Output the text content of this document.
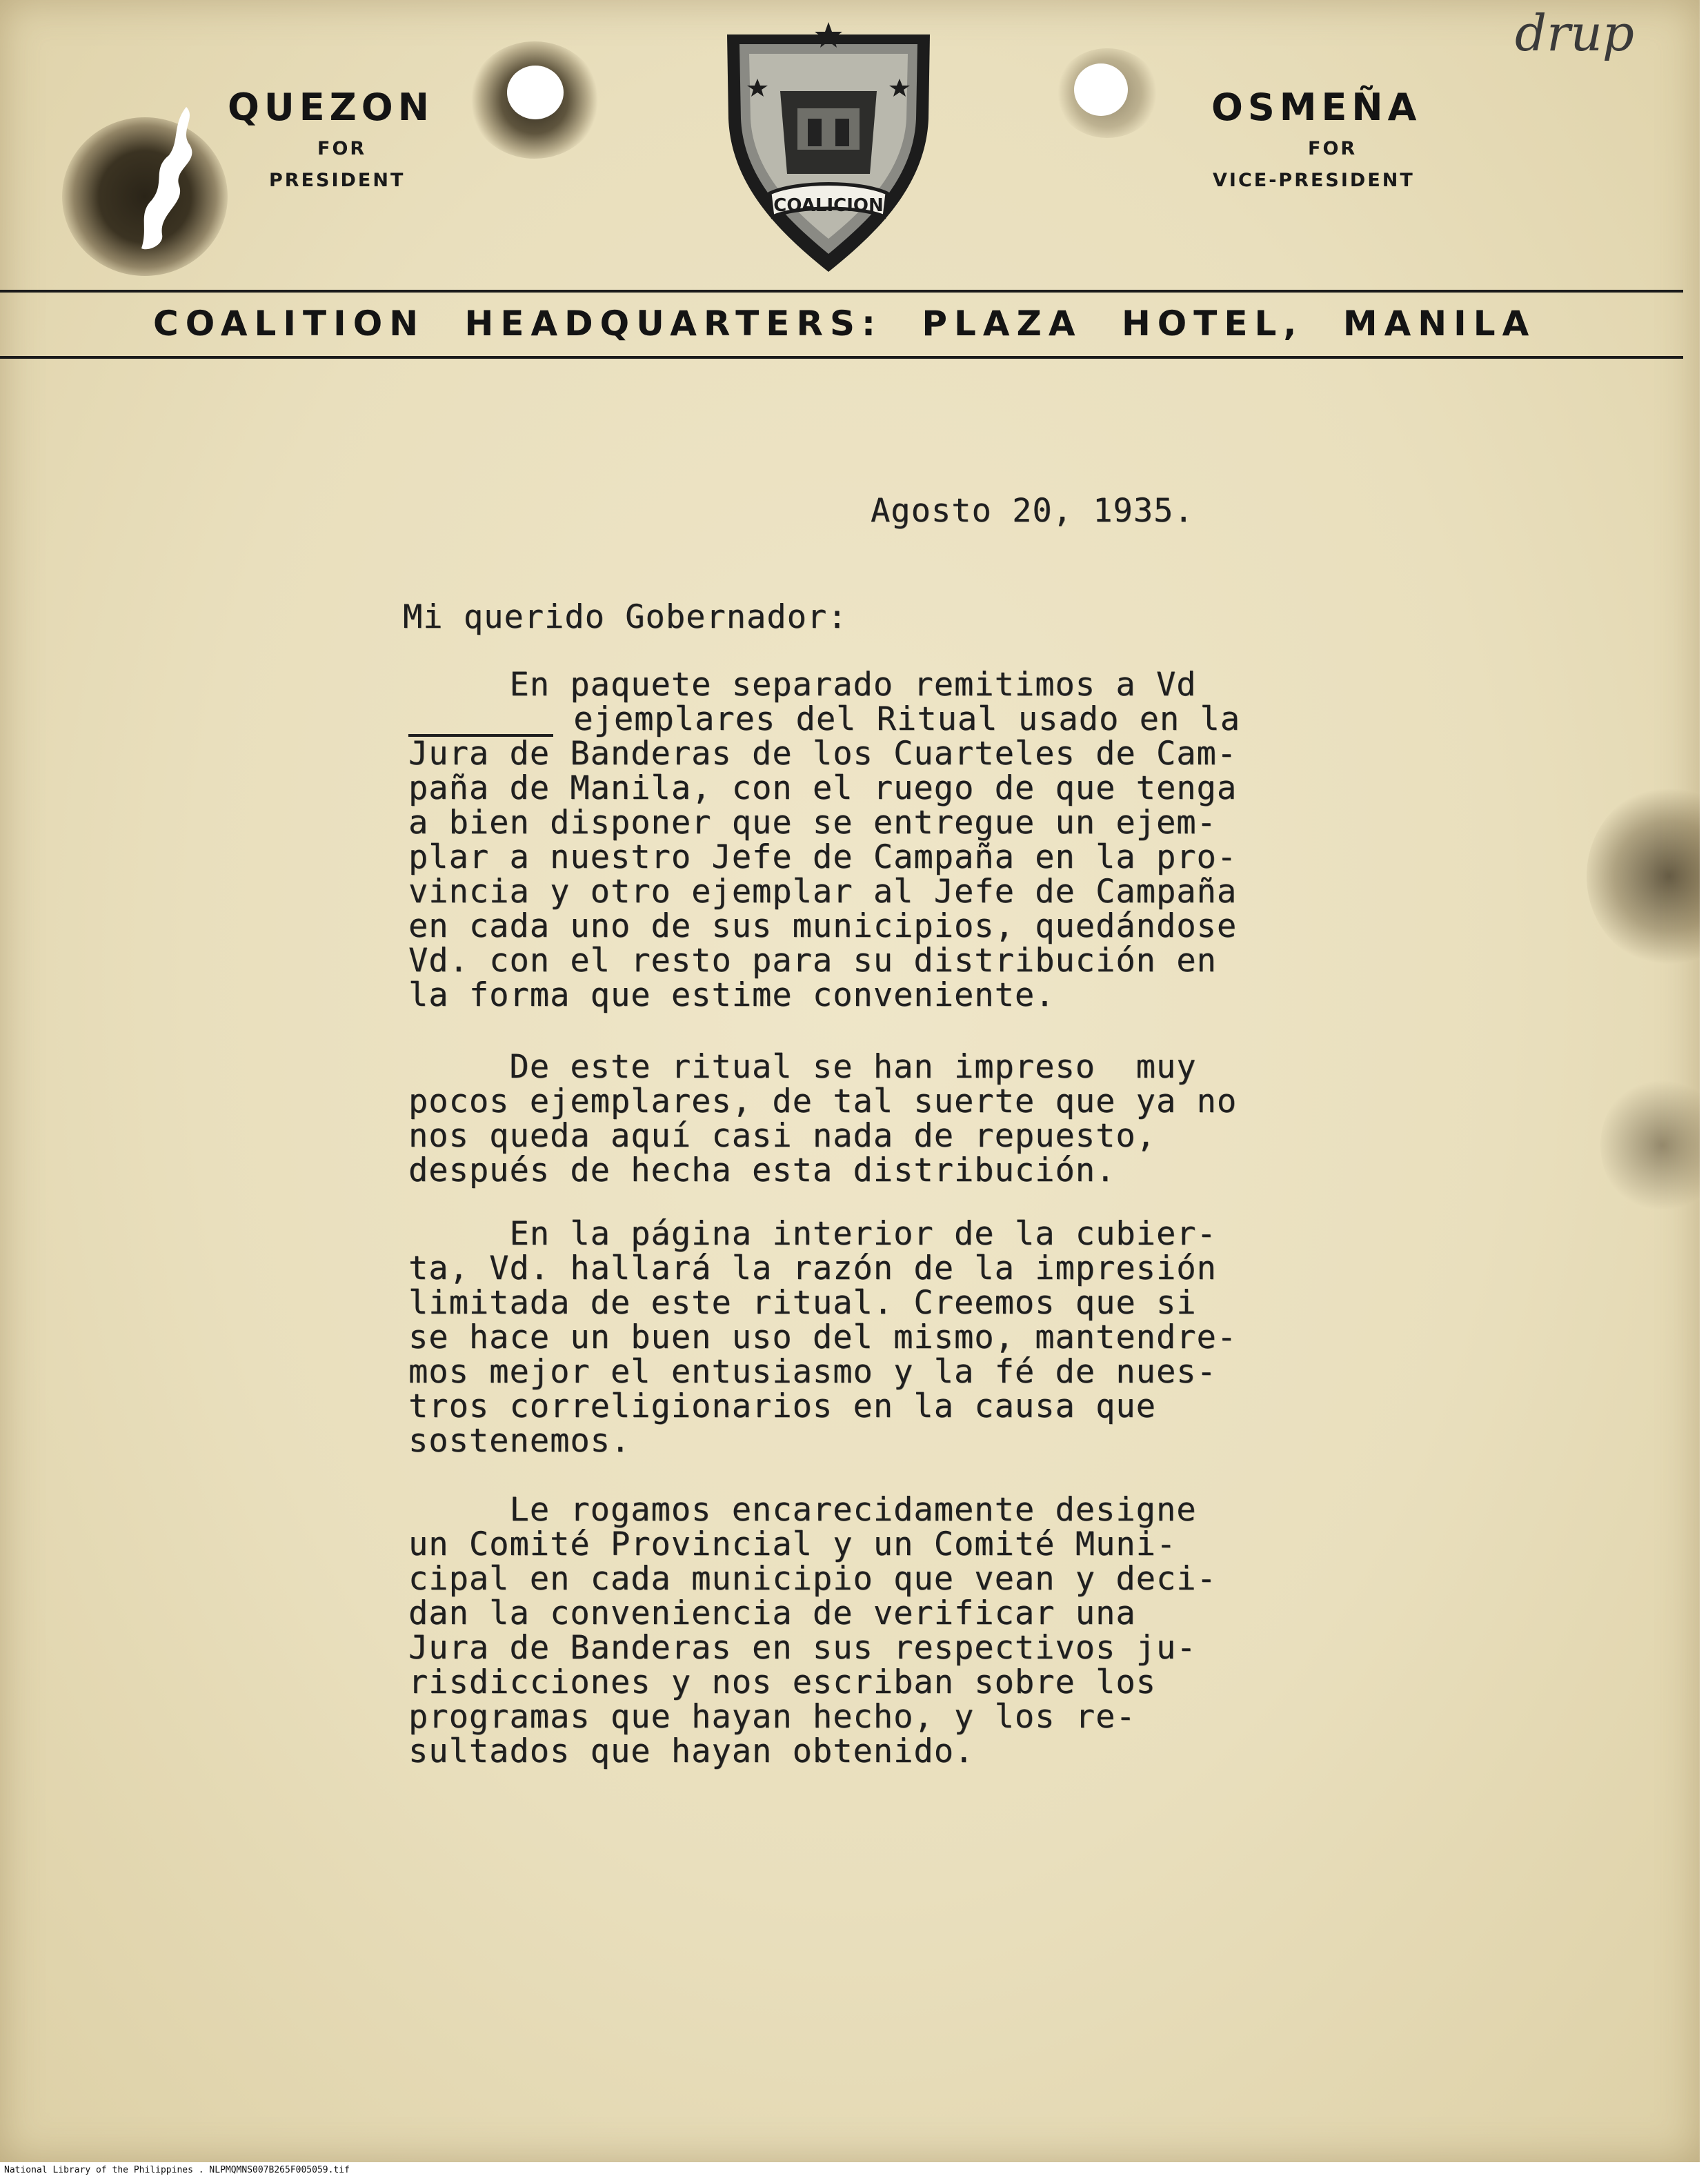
drup

QUEZON

FOR

PRESIDENT

COALICION

OSMEÑA

FOR

VICE-PRESIDENT

COALITION HEADQUARTERS: PLAZA HOTEL, MANILA

Agosto 20, 1935.

Mi querido Gobernador:

En paquete separado remitimos a Vd

ejemplares del Ritual usado en la

Jura de Banderas de los Cuarteles de Cam-

paña de Manila, con el ruego de que tenga

a bien disponer que se entregue un ejem-

plar a nuestro Jefe de Campaña en la pro-

vincia y otro ejemplar al Jefe de Campaña

en cada uno de sus municipios, quedándose

Vd. con el resto para su distribución en

la forma que estime conveniente.

De este ritual se han impreso  muy

pocos ejemplares, de tal suerte que ya no

nos queda aquí casi nada de repuesto,

después de hecha esta distribución.

En la página interior de la cubier-

ta, Vd. hallará la razón de la impresión

limitada de este ritual. Creemos que si

se hace un buen uso del mismo, mantendre-

mos mejor el entusiasmo y la fé de nues-

tros correligionarios en la causa que

sostenemos.

Le rogamos encarecidamente designe

un Comité Provincial y un Comité Muni-

cipal en cada municipio que vean y deci-

dan la conveniencia de verificar una

Jura de Banderas en sus respectivos ju-

risdicciones y nos escriban sobre los

programas que hayan hecho, y los re-

sultados que hayan obtenido.

National Library of the Philippines . NLPMQMNS007B265F005059.tif
